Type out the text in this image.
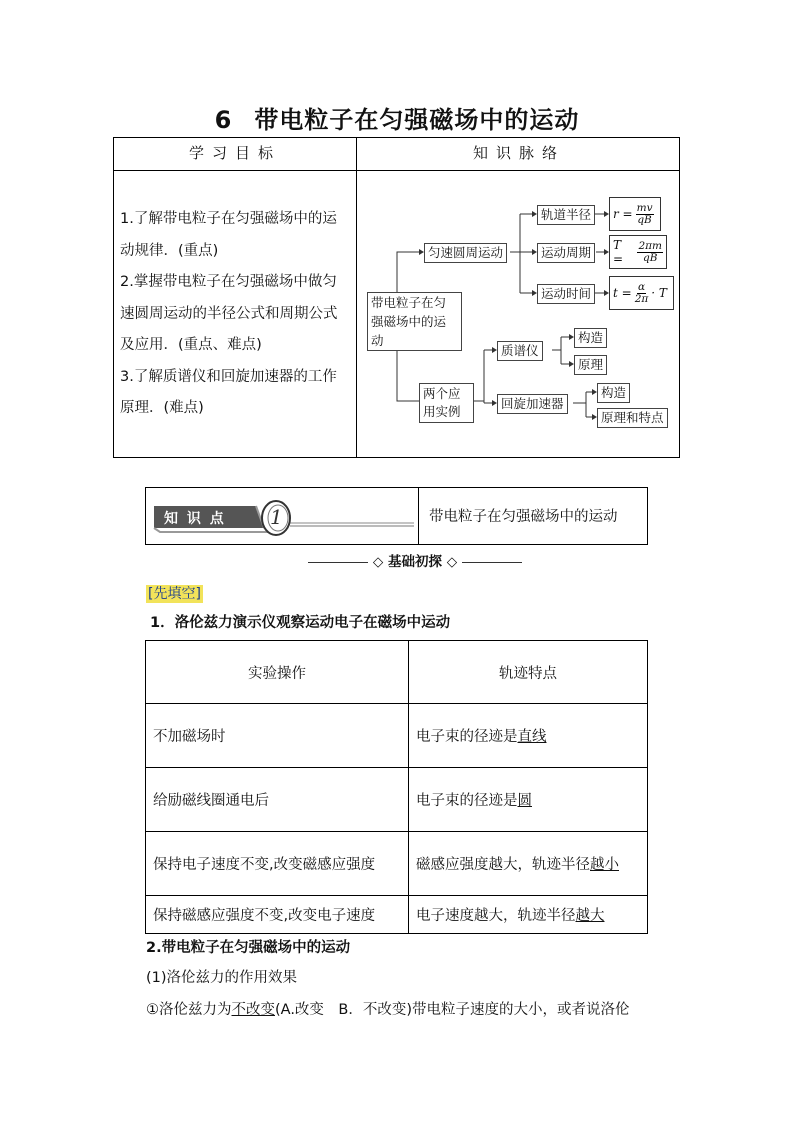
6 带电粒子在匀强磁场中的运动
学习目标	知识脉络

1.了解带电粒子在匀强磁场中的运动规律．(重点)

2.掌握带电粒子在匀强磁场中做匀速圆周运动的半径公式和周期公式及应用．(重点、难点)

3.了解质谱仪和回旋加速器的工作原理．(难点)

带电粒子在匀强磁场中的运动
匀速圆周运动
两个应用实例
轨道半径
运动周期
运动时间
$r = \frac{mv}{qB}$
T =	$\frac{2\pi m}{qB}$
$t = \frac{\alpha}{2\pi} \cdot T$
质谱仪
构造
原理
回旋加速器
构造
原理和特点
知 识 点 1	带电粒子在匀强磁场中的运动
◇ 基础初探 ◇
[先填空]
1．洛伦兹力演示仪观察运动电子在磁场中运动
实验操作	轨迹特点
不加磁场时	电子束的径迹是直线
给励磁线圈通电后	电子束的径迹是圆
保持电子速度不变,改变磁感应强度	磁感应强度越大，轨迹半径越小
保持磁感应强度不变,改变电子速度	电子速度越大，轨迹半径越大
2.带电粒子在匀强磁场中的运动
(1)洛伦兹力的作用效果
①洛伦兹力为不改变(A.改变　B．不改变)带电粒子速度的大小，或者说洛伦
